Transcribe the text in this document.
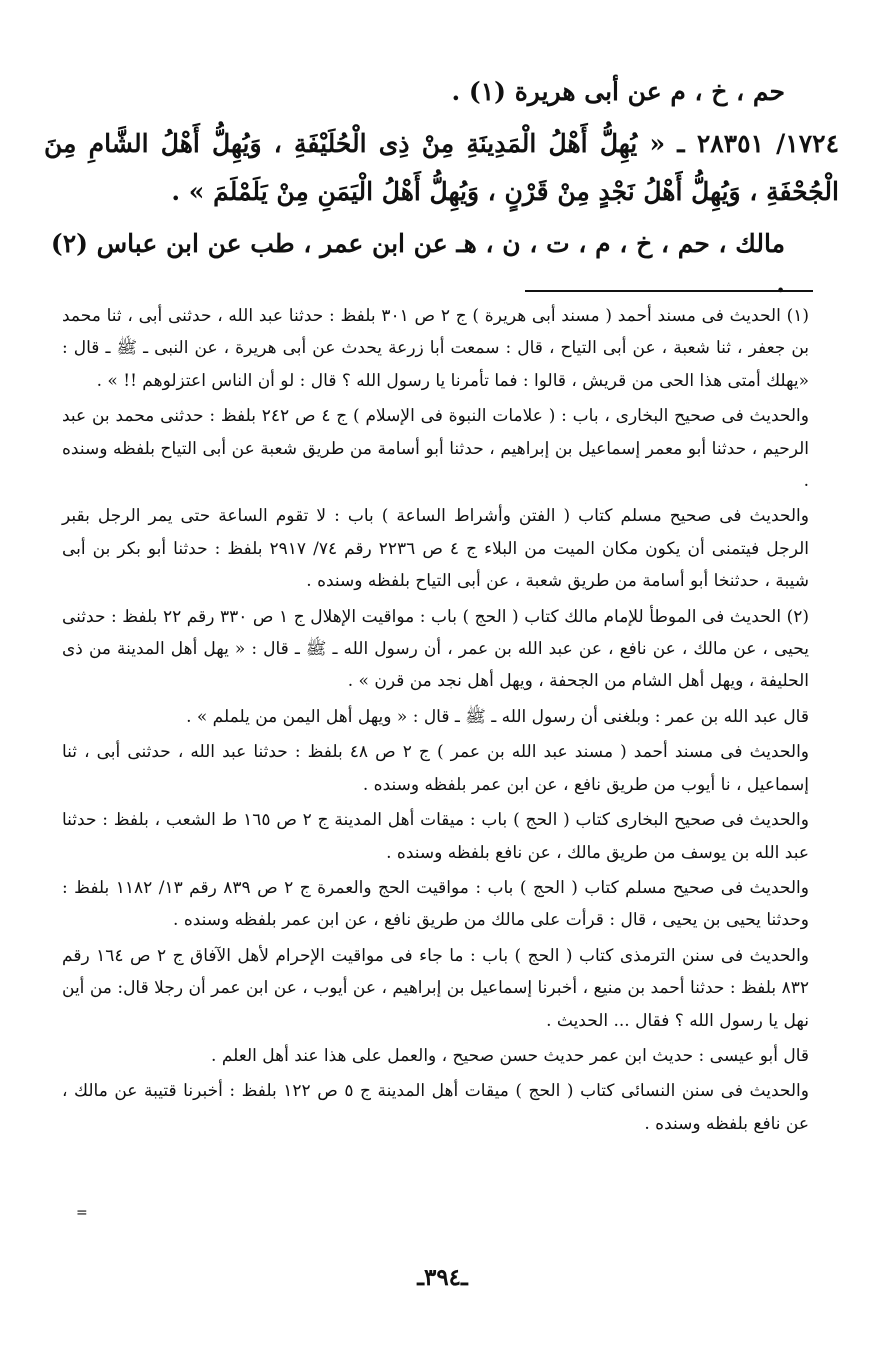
حم ، خ ، م عن أبى هريرة (١) .
١٧٢٤/ ٢٨٣٥١ ـ « يُهِلُّ أَهْلُ الْمَدِينَةِ مِنْ ذِى الْحُلَيْفَةِ ، وَيُهِلُّ أَهْلُ الشَّامِ مِنَ الْجُحْفَةِ ، وَيُهِلُّ أَهْلُ نَجْدٍ مِنْ قَرْنٍ ، وَيُهِلُّ أَهْلُ الْيَمَنِ مِنْ يَلَمْلَمَ » .
مالك ، حم ، خ ، م ، ت ، ن ، هـ عن ابن عمر ، طب عن ابن عباس (٢) .

(١) الحديث فى مسند أحمد ( مسند أبى هريرة ) ج ٢ ص ٣٠١ بلفظ : حدثنا عبد الله ، حدثنى أبى ، ثنا محمد بن جعفر ، ثنا شعبة ، عن أبى التياح ، قال : سمعت أبا زرعة يحدث عن أبى هريرة ، عن النبى ـ ﷺ ـ قال : «يهلك أمتى هذا الحى من قريش ، قالوا : فما تأمرنا يا رسول الله ؟ قال : لو أن الناس اعتزلوهم !! » .

والحديث فى صحيح البخارى ، باب : ( علامات النبوة فى الإسلام ) ج ٤ ص ٢٤٢ بلفظ : حدثنى محمد بن عبد الرحيم ، حدثنا أبو معمر إسماعيل بن إبراهيم ، حدثنا أبو أسامة من طريق شعبة عن أبى التياح بلفظه وسنده .

والحديث فى صحيح مسلم كتاب ( الفتن وأشراط الساعة ) باب : لا تقوم الساعة حتى يمر الرجل بقبر الرجل فيتمنى أن يكون مكان الميت من البلاء ج ٤ ص ٢٢٣٦ رقم ٧٤/ ٢٩١٧ بلفظ : حدثنا أبو بكر بن أبى شيبة ، حدثنخا أبو أسامة من طريق شعبة ، عن أبى التياح بلفظه وسنده .

(٢) الحديث فى الموطأ للإمام مالك كتاب ( الحج ) باب : مواقيت الإهلال ج ١ ص ٣٣٠ رقم ٢٢ بلفظ : حدثنى يحيى ، عن مالك ، عن نافع ، عن عبد الله بن عمر ، أن رسول الله ـ ﷺ ـ قال : « يهل أهل المدينة من ذى الحليفة ، ويهل أهل الشام من الجحفة ، ويهل أهل نجد من قرن » .

قال عبد الله بن عمر : وبلغنى أن رسول الله ـ ﷺ ـ قال : « ويهل أهل اليمن من يلملم » .

والحديث فى مسند أحمد ( مسند عبد الله بن عمر ) ج ٢ ص ٤٨ بلفظ : حدثنا عبد الله ، حدثنى أبى ، ثنا إسماعيل ، نا أيوب من طريق نافع ، عن ابن عمر بلفظه وسنده .

والحديث فى صحيح البخارى كتاب ( الحج ) باب : ميقات أهل المدينة ج ٢ ص ١٦٥ ط الشعب ، بلفظ : حدثنا عبد الله بن يوسف من طريق مالك ، عن نافع بلفظه وسنده .

والحديث فى صحيح مسلم كتاب ( الحج ) باب : مواقيت الحج والعمرة ج ٢ ص ٨٣٩ رقم ١٣/ ١١٨٢ بلفظ : وحدثنا يحيى بن يحيى ، قال : قرأت على مالك من طريق نافع ، عن ابن عمر بلفظه وسنده .

والحديث فى سنن الترمذى كتاب ( الحج ) باب : ما جاء فى مواقيت الإحرام لأهل الآفاق ج ٢ ص ١٦٤ رقم ٨٣٢ بلفظ : حدثنا أحمد بن منيع ، أخبرنا إسماعيل بن إبراهيم ، عن أيوب ، عن ابن عمر أن رجلا قال: من أين نهل يا رسول الله ؟ فقال ... الحديث .

قال أبو عيسى : حديث ابن عمر حديث حسن صحيح ، والعمل على هذا عند أهل العلم .

والحديث فى سنن النسائى كتاب ( الحج ) ميقات أهل المدينة ج ٥ ص ١٢٢ بلفظ : أخبرنا قتيبة عن مالك ، عن نافع بلفظه وسنده .

=
ـ٣٩٤ـ
